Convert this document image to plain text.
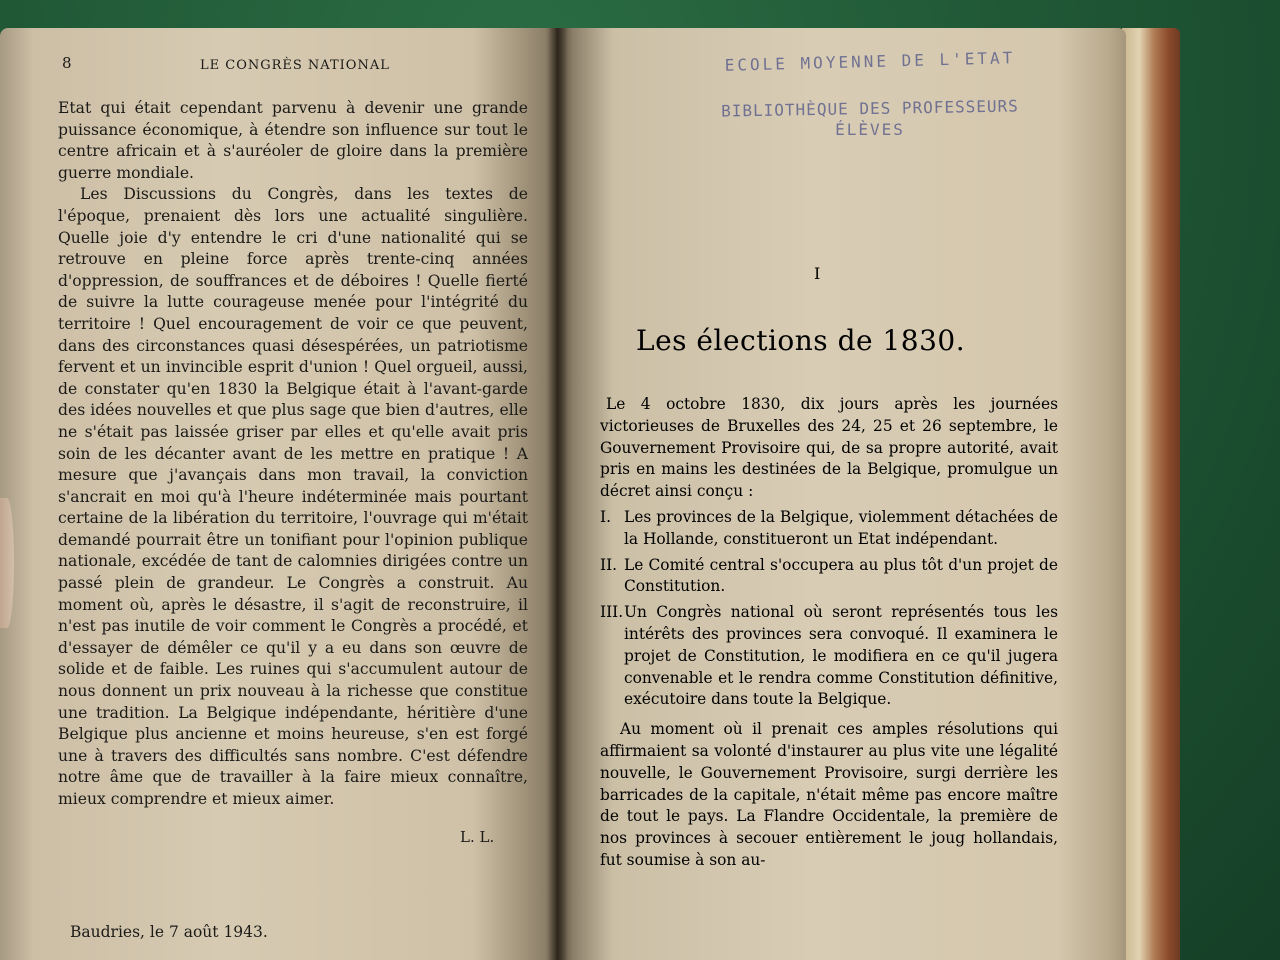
8	LE CONGRÈS NATIONAL

Etat qui était cependant parvenu à devenir une grande puissance économique, à étendre son influence sur tout le centre africain et à s'auréoler de gloire dans la première guerre mondiale.

Les Discussions du Congrès, dans les textes de l'époque, prenaient dès lors une actualité singulière. Quelle joie d'y entendre le cri d'une nationalité qui se retrouve en pleine force après trente-cinq années d'oppression, de souffrances et de déboires ! Quelle fierté de suivre la lutte courageuse menée pour l'intégrité du territoire ! Quel encouragement de voir ce que peuvent, dans des circonstances quasi désespérées, un patriotisme fervent et un invincible esprit d'union ! Quel orgueil, aussi, de constater qu'en 1830 la Belgique était à l'avant-garde des idées nouvelles et que plus sage que bien d'autres, elle ne s'était pas laissée griser par elles et qu'elle avait pris soin de les décanter avant de les mettre en pratique ! A mesure que j'avançais dans mon travail, la conviction s'ancrait en moi qu'à l'heure indéterminée mais pourtant certaine de la libération du territoire, l'ouvrage qui m'était demandé pourrait être un tonifiant pour l'opinion publique nationale, excédée de tant de calomnies dirigées contre un passé plein de grandeur. Le Congrès a construit. Au moment où, après le désastre, il s'agit de reconstruire, il n'est pas inutile de voir comment le Congrès a procédé, et d'essayer de démêler ce qu'il y a eu dans son œuvre de solide et de faible. Les ruines qui s'accumulent autour de nous donnent un prix nouveau à la richesse que constitue une tradition. La Belgique indépendante, héritière d'une Belgique plus ancienne et moins heureuse, s'en est forgé une à travers des difficultés sans nombre. C'est défendre notre âme que de travailler à la faire mieux connaître, mieux comprendre et mieux aimer.

L. L.
Baudries, le 7 août 1943.
ECOLE MOYENNE DE L'ETAT
BIBLIOTHÈQUE DES PROFESSEURS
ÉLÈVES
I
Les élections de 1830.

Le 4 octobre 1830, dix jours après les journées victorieuses de Bruxelles des 24, 25 et 26 septembre, le Gouvernement Provisoire qui, de sa propre autorité, avait pris en mains les destinées de la Belgique, promulgue un décret ainsi conçu :

I. Les provinces de la Belgique, violemment détachées de la Hollande, constitueront un Etat indépendant.
II. Le Comité central s'occupera au plus tôt d'un projet de Constitution.
III. Un Congrès national où seront représentés tous les intérêts des provinces sera convoqué. Il examinera le projet de Constitution, le modifiera en ce qu'il jugera convenable et le rendra comme Constitution définitive, exécutoire dans toute la Belgique.

Au moment où il prenait ces amples résolutions qui affirmaient sa volonté d'instaurer au plus vite une légalité nouvelle, le Gouvernement Provisoire, surgi derrière les barricades de la capitale, n'était même pas encore maître de tout le pays. La Flandre Occidentale, la première de nos provinces à secouer entièrement le joug hollandais, fut soumise à son au-
